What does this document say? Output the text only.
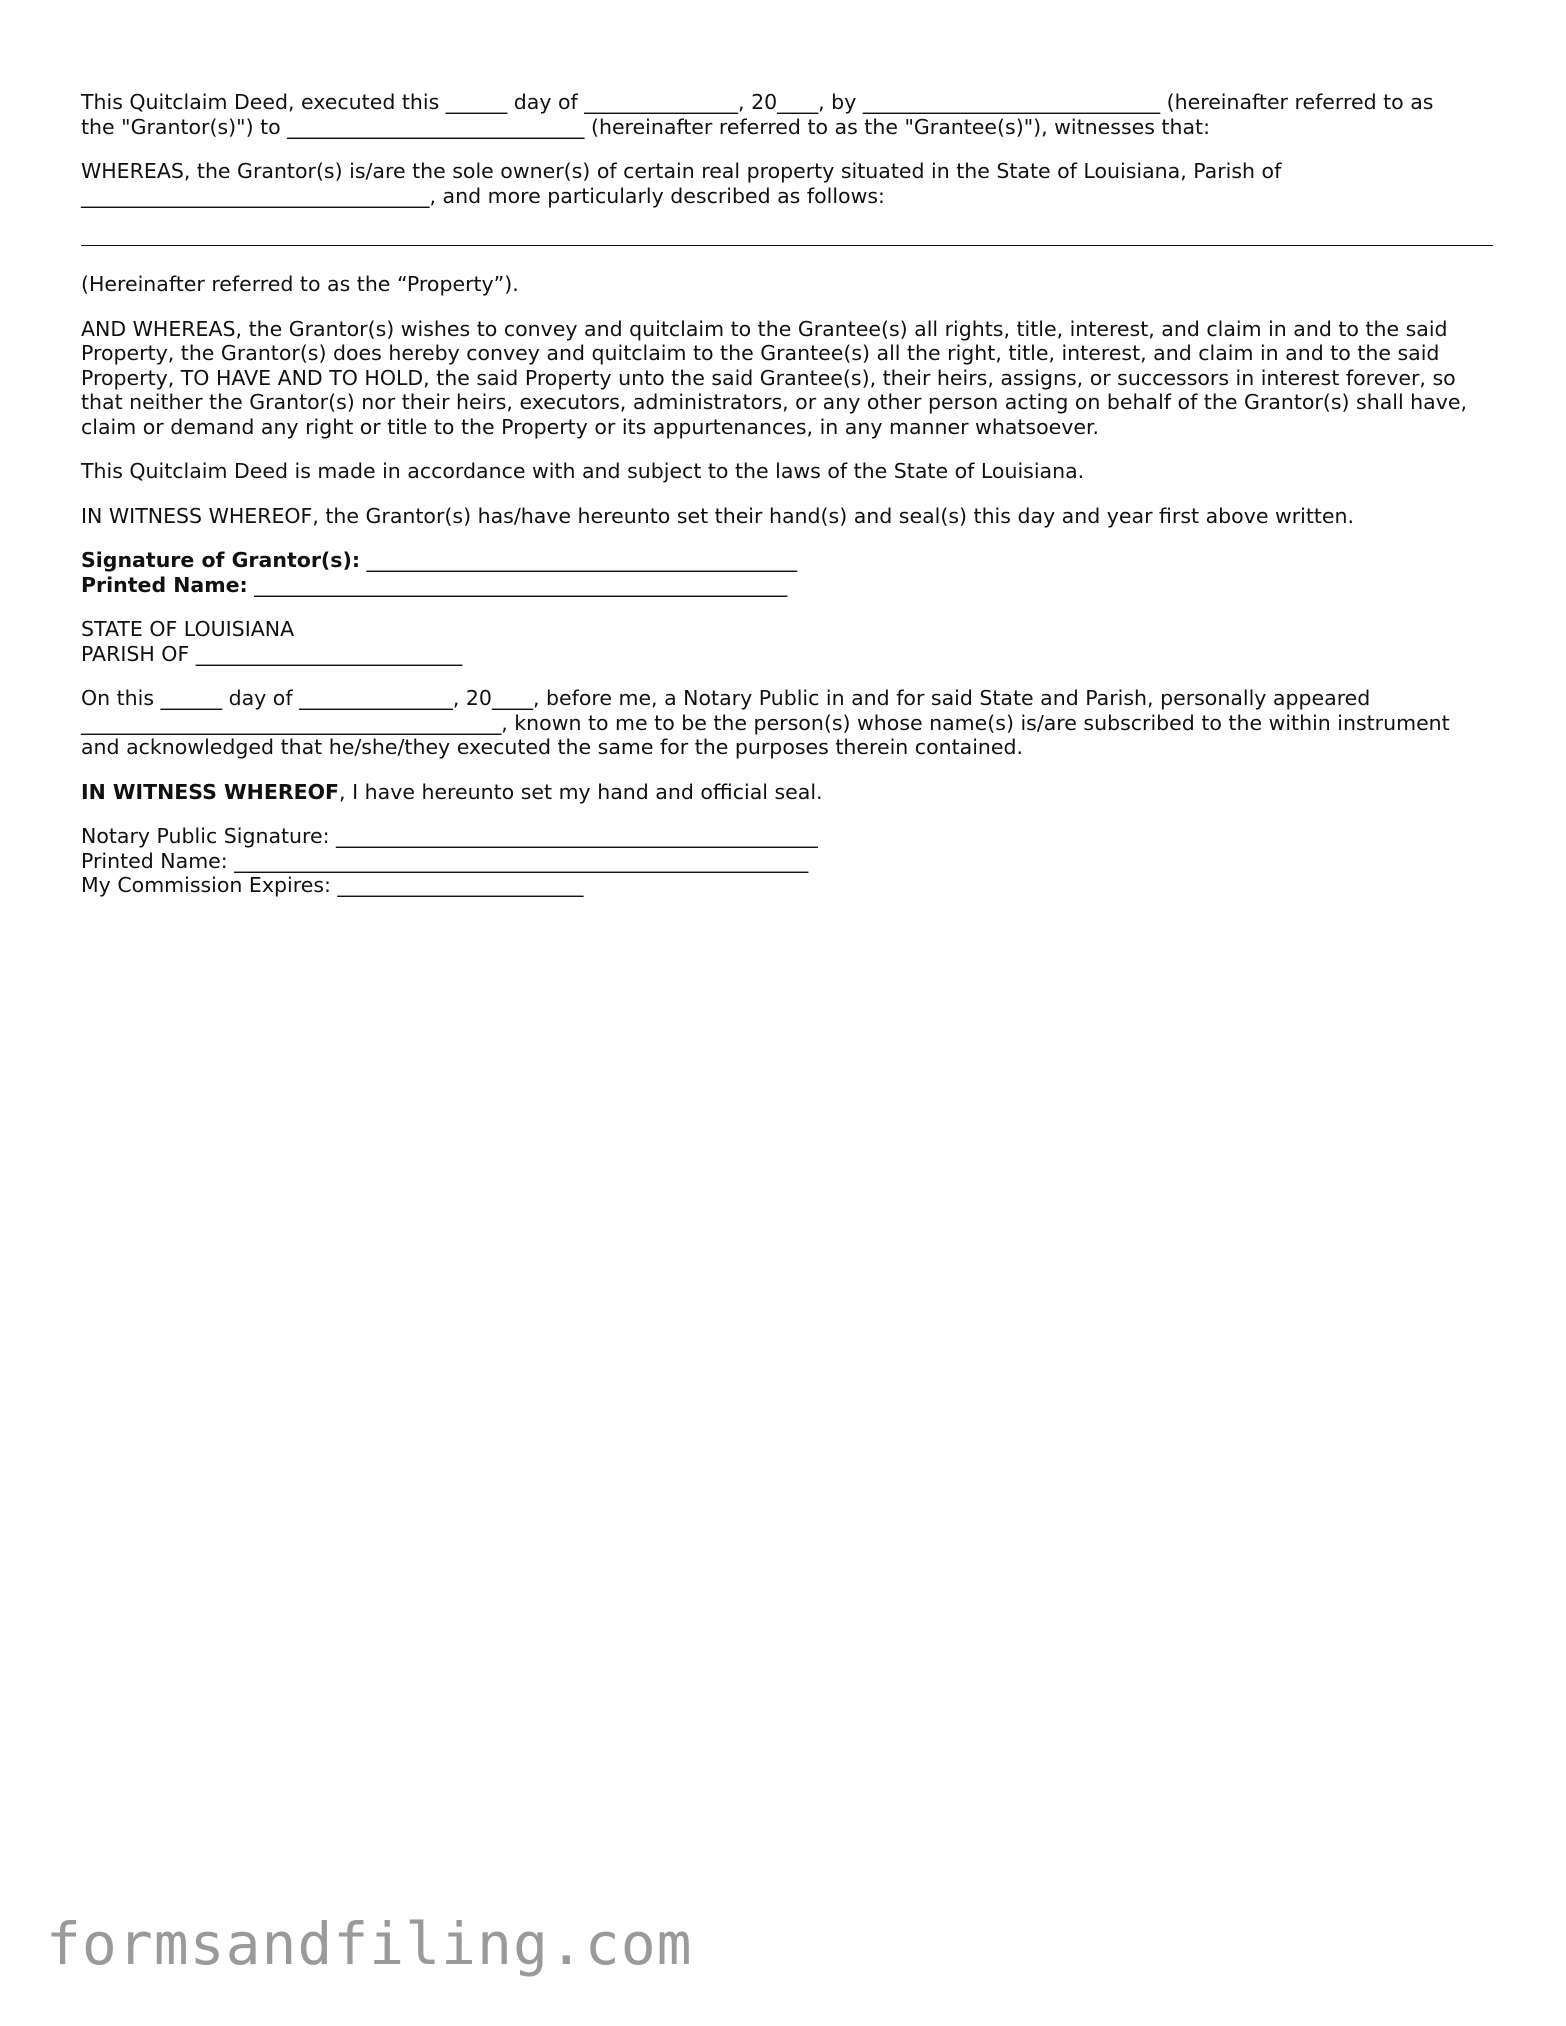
This Quitclaim Deed, executed this ______ day of _______________, 20____, by _____________________________ (hereinafter referred to as
the "Grantor(s)") to _____________________________ (hereinafter referred to as the "Grantee(s)"), witnesses that:

WHEREAS, the Grantor(s) is/are the sole owner(s) of certain real property situated in the State of Louisiana, Parish of
__________________________________, and more particularly described as follows:

(Hereinafter referred to as the “Property”).

AND WHEREAS, the Grantor(s) wishes to convey and quitclaim to the Grantee(s) all rights, title, interest, and claim in and to the said
Property, the Grantor(s) does hereby convey and quitclaim to the Grantee(s) all the right, title, interest, and claim in and to the said
Property, TO HAVE AND TO HOLD, the said Property unto the said Grantee(s), their heirs, assigns, or successors in interest forever, so
that neither the Grantor(s) nor their heirs, executors, administrators, or any other person acting on behalf of the Grantor(s) shall have,
claim or demand any right or title to the Property or its appurtenances, in any manner whatsoever.

This Quitclaim Deed is made in accordance with and subject to the laws of the State of Louisiana.

IN WITNESS WHEREOF, the Grantor(s) has/have hereunto set their hand(s) and seal(s) this day and year first above written.

Signature of Grantor(s): __________________________________________
Printed Name: ____________________________________________________

STATE OF LOUISIANA
PARISH OF __________________________

On this ______ day of _______________, 20____, before me, a Notary Public in and for said State and Parish, personally appeared
_________________________________________, known to me to be the person(s) whose name(s) is/are subscribed to the within instrument
and acknowledged that he/she/they executed the same for the purposes therein contained.

IN WITNESS WHEREOF, I have hereunto set my hand and official seal.

Notary Public Signature: _______________________________________________
Printed Name: ________________________________________________________
My Commission Expires: ________________________

formsandfiling.com
